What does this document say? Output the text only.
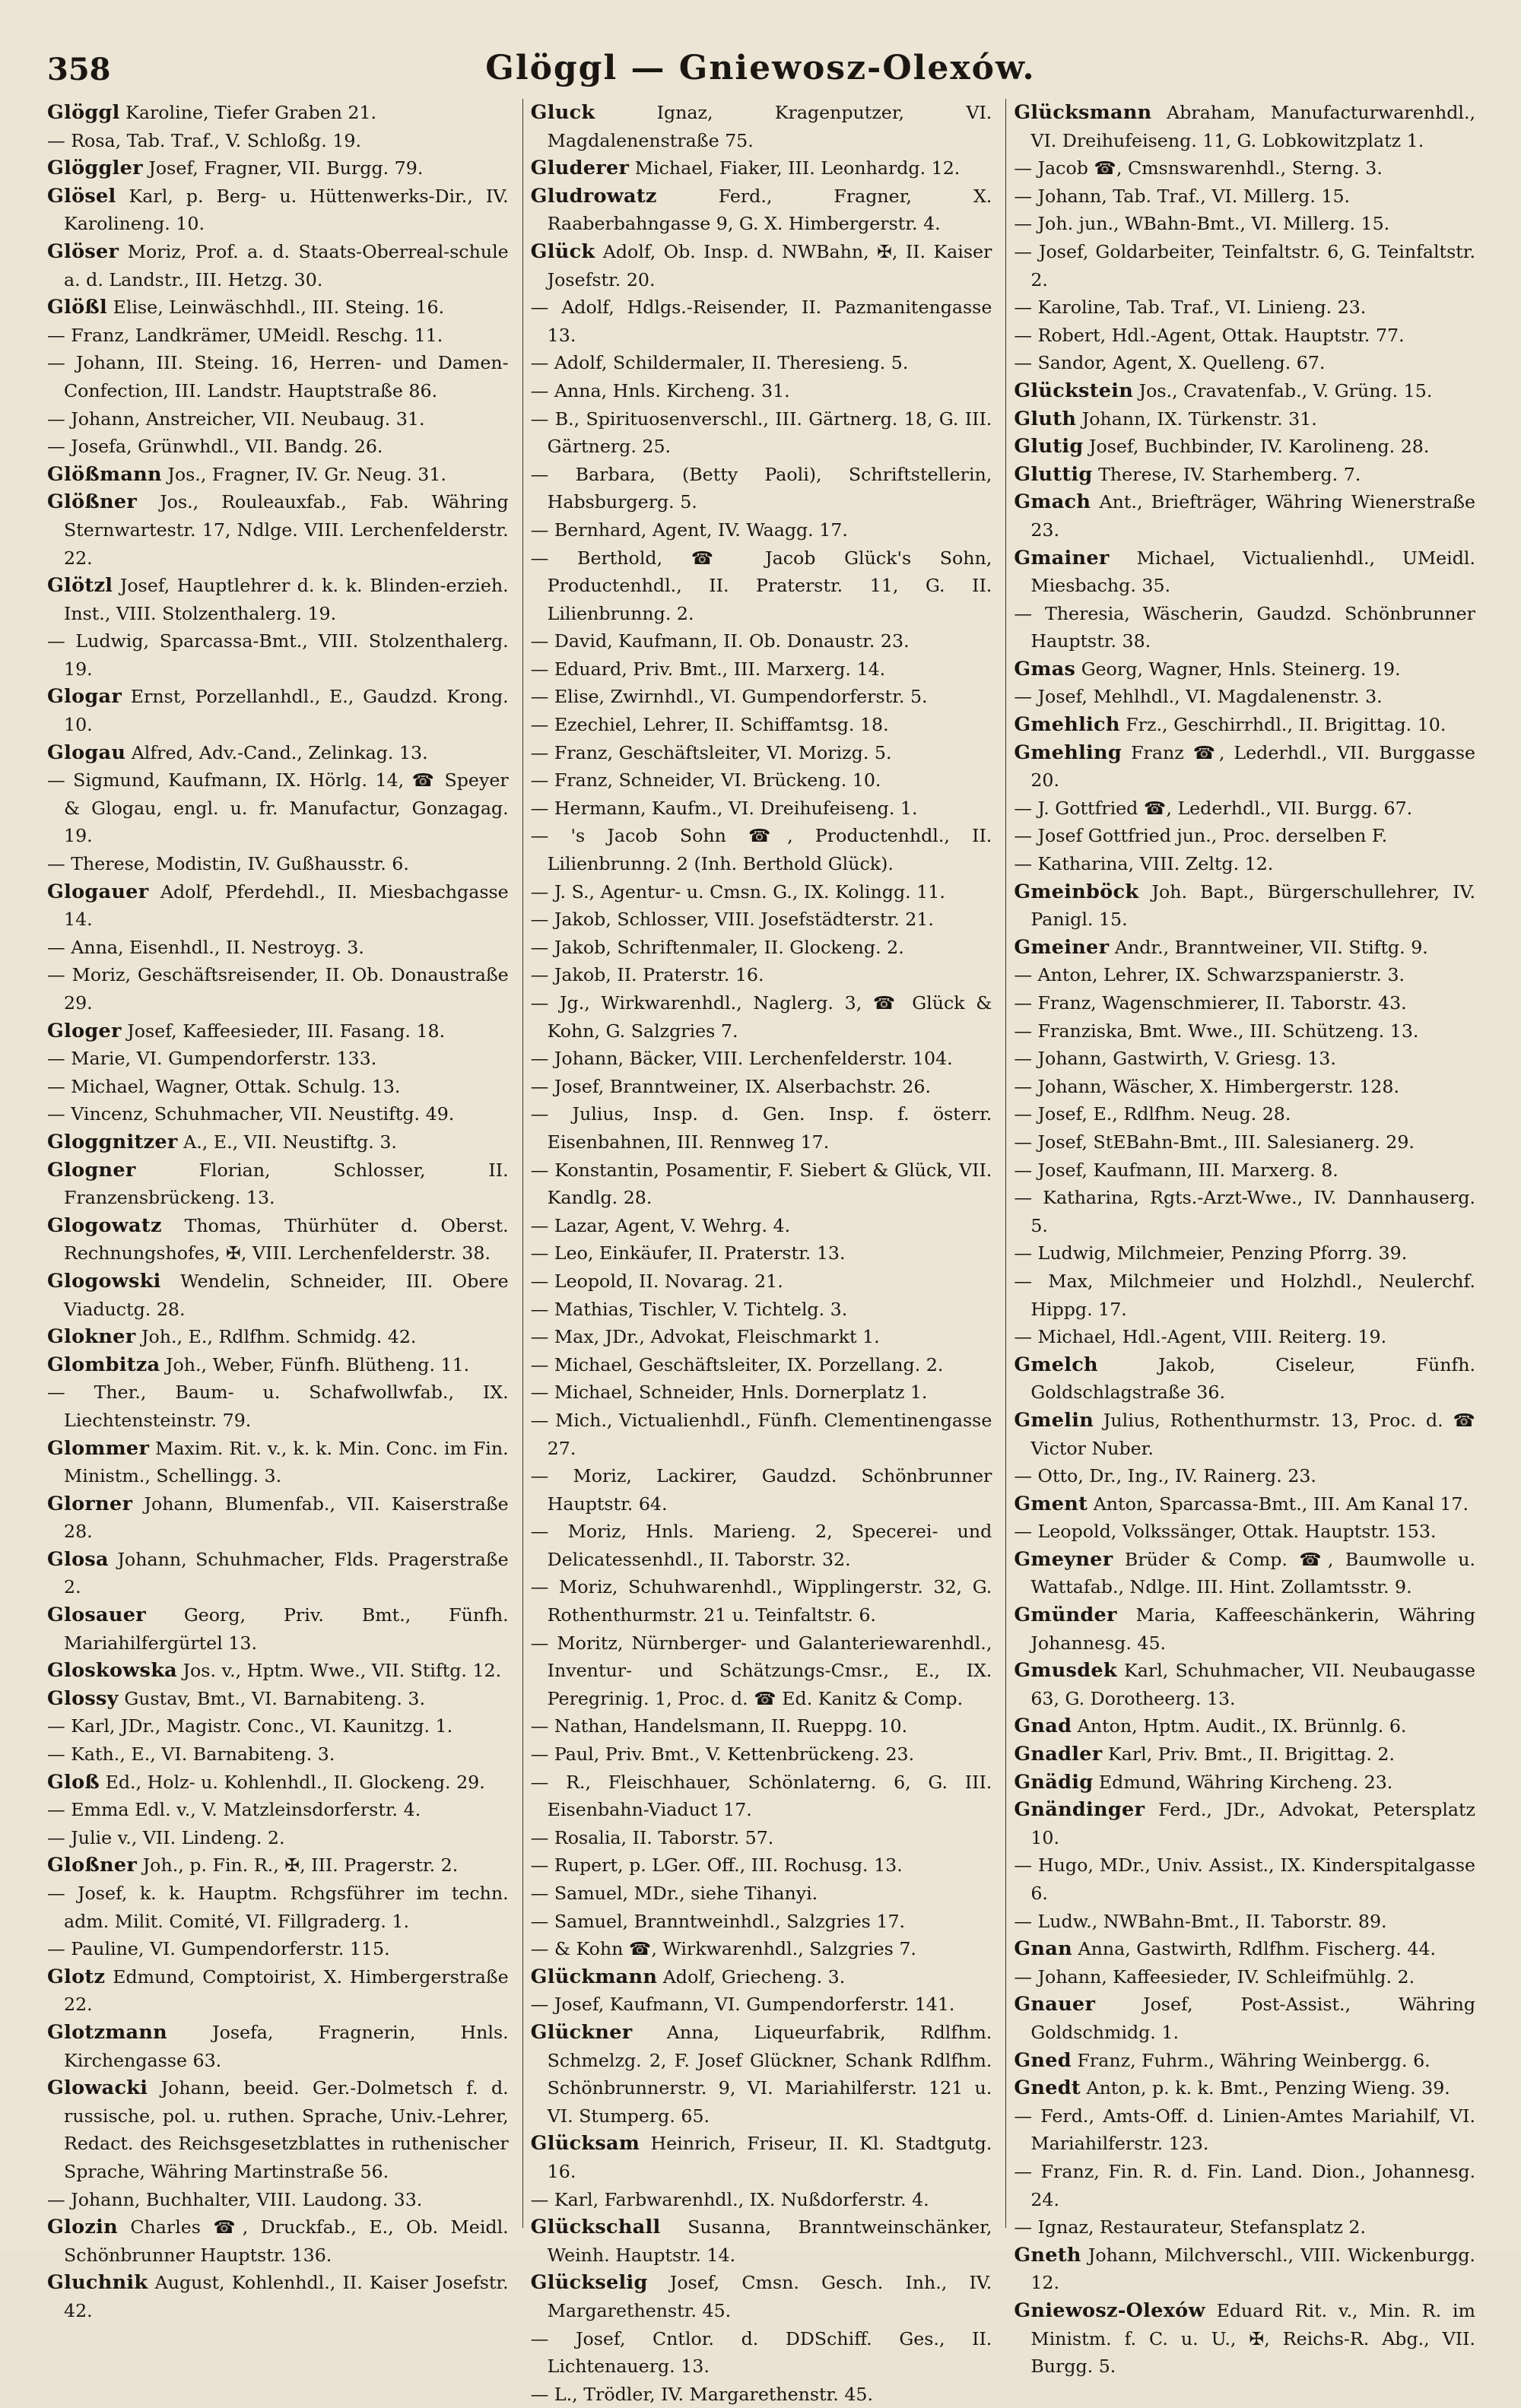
358	Glöggl — Gniewosz-Olexów.

Glöggl Karoline, Tiefer Graben 21.

— Rosa, Tab. Traf., V. Schloßg. 19.

Glöggler Josef, Fragner, VII. Burgg. 79.

Glösel Karl, p. Berg- u. Hüttenwerks-Dir., IV. Karolineng. 10.

Glöser Moriz, Prof. a. d. Staats-Oberreal-schule a. d. Landstr., III. Hetzg. 30.

Glößl Elise, Leinwäschhdl., III. Steing. 16.

— Franz, Landkrämer, UMeidl. Reschg. 11.

— Johann, III. Steing. 16, Herren- und Damen-Confection, III. Landstr. Hauptstraße 86.

— Johann, Anstreicher, VII. Neubaug. 31.

— Josefa, Grünwhdl., VII. Bandg. 26.

Glößmann Jos., Fragner, IV. Gr. Neug. 31.

Glößner Jos., Rouleauxfab., Fab. Währing Sternwartestr. 17, Ndlge. VIII. Lerchenfelderstr. 22.

Glötzl Josef, Hauptlehrer d. k. k. Blinden-erzieh. Inst., VIII. Stolzenthalerg. 19.

— Ludwig, Sparcassa-Bmt., VIII. Stolzenthalerg. 19.

Glogar Ernst, Porzellanhdl., E., Gaudzd. Krong. 10.

Glogau Alfred, Adv.-Cand., Zelinkag. 13.

— Sigmund, Kaufmann, IX. Hörlg. 14, ☎ Speyer & Glogau, engl. u. fr. Manufactur, Gonzagag. 19.

— Therese, Modistin, IV. Gußhausstr. 6.

Glogauer Adolf, Pferdehdl., II. Miesbachgasse 14.

— Anna, Eisenhdl., II. Nestroyg. 3.

— Moriz, Geschäftsreisender, II. Ob. Donaustraße 29.

Gloger Josef, Kaffeesieder, III. Fasang. 18.

— Marie, VI. Gumpendorferstr. 133.

— Michael, Wagner, Ottak. Schulg. 13.

— Vincenz, Schuhmacher, VII. Neustiftg. 49.

Gloggnitzer A., E., VII. Neustiftg. 3.

Glogner	Florian, Schlosser, II. Franzensbrückeng. 13.

Glogowatz Thomas, Thürhüter d. Oberst. Rechnungshofes, ✠, VIII. Lerchenfelderstr. 38.

Glogowski Wendelin, Schneider, III. Obere Viaductg. 28.

Glokner Joh., E., Rdlfhm. Schmidg. 42.

Glombitza Joh., Weber, Fünfh. Blütheng. 11.

— Ther., Baum- u. Schafwollwfab., IX. Liechtensteinstr. 79.

Glommer Maxim. Rit. v., k. k. Min. Conc. im Fin. Ministm., Schellingg. 3.

Glorner Johann, Blumenfab., VII. Kaiserstraße 28.

Glosa Johann, Schuhmacher, Flds. Pragerstraße 2.

Glosauer Georg, Priv. Bmt., Fünfh. Mariahilfergürtel 13.

Gloskowska Jos. v., Hptm. Wwe., VII. Stiftg. 12.

Glossy Gustav, Bmt., VI. Barnabiteng. 3.

— Karl, JDr., Magistr. Conc., VI. Kaunitzg. 1.

— Kath., E., VI. Barnabiteng. 3.

Gloß Ed., Holz- u. Kohlenhdl., II. Glockeng. 29.

— Emma Edl. v., V. Matzleinsdorferstr. 4.

— Julie v., VII. Lindeng. 2.

Gloßner Joh., p. Fin. R., ✠, III. Pragerstr. 2.

— Josef, k. k. Hauptm. Rchgsführer im techn. adm. Milit. Comité, VI. Fillgraderg. 1.

— Pauline, VI. Gumpendorferstr. 115.

Glotz Edmund, Comptoirist, X. Himbergerstraße 22.

Glotzmann Josefa, Fragnerin, Hnls. Kirchengasse 63.

Glowacki Johann, beeid. Ger.-Dolmetsch f. d. russische, pol. u. ruthen. Sprache, Univ.-Lehrer, Redact. des Reichsgesetzblattes in ruthenischer Sprache, Währing Martinstraße 56.

— Johann, Buchhalter, VIII. Laudong. 33.

Glozin Charles ☎, Druckfab., E., Ob. Meidl. Schönbrunner Hauptstr. 136.

Gluchnik August, Kohlenhdl., II. Kaiser Josefstr. 42.

Gluck	Ignaz, Kragenputzer, VI. Magdalenenstraße 75.

Gluderer Michael, Fiaker, III. Leonhardg. 12.

Gludrowatz	Ferd., Fragner, X. Raaberbahngasse 9, G. X. Himbergerstr. 4.

Glück Adolf, Ob. Insp. d. NWBahn, ✠, II. Kaiser Josefstr. 20.

— Adolf, Hdlgs.-Reisender, II. Pazmanitengasse 13.

— Adolf, Schildermaler, II. Theresieng. 5.

— Anna, Hnls. Kircheng. 31.

— B., Spirituosenverschl., III. Gärtnerg. 18, G. III. Gärtnerg. 25.

— Barbara, (Betty Paoli), Schriftstellerin, Habsburgerg. 5.

— Bernhard, Agent, IV. Waagg. 17.

— Berthold, ☎ Jacob Glück's Sohn, Productenhdl., II. Praterstr. 11, G. II. Lilienbrunng. 2.

— David, Kaufmann, II. Ob. Donaustr. 23.

— Eduard, Priv. Bmt., III. Marxerg. 14.

— Elise, Zwirnhdl., VI. Gumpendorferstr. 5.

— Ezechiel, Lehrer, II. Schiffamtsg. 18.

— Franz, Geschäftsleiter, VI. Morizg. 5.

— Franz, Schneider, VI. Brückeng. 10.

— Hermann, Kaufm., VI. Dreihufeiseng. 1.

— 's Jacob Sohn ☎, Productenhdl., II. Lilienbrunng. 2 (Inh. Berthold Glück).

— J. S., Agentur- u. Cmsn. G., IX. Kolingg. 11.

— Jakob, Schlosser, VIII. Josefstädterstr. 21.

— Jakob, Schriftenmaler, II. Glockeng. 2.

— Jakob, II. Praterstr. 16.

— Jg., Wirkwarenhdl., Naglerg. 3, ☎ Glück & Kohn, G. Salzgries 7.

— Johann, Bäcker, VIII. Lerchenfelderstr. 104.

— Josef, Branntweiner, IX. Alserbachstr. 26.

— Julius, Insp. d. Gen. Insp. f. österr. Eisenbahnen, III. Rennweg 17.

— Konstantin, Posamentir, F. Siebert & Glück, VII. Kandlg. 28.

— Lazar, Agent, V. Wehrg. 4.

— Leo, Einkäufer, II. Praterstr. 13.

— Leopold, II. Novarag. 21.

— Mathias, Tischler, V. Tichtelg. 3.

— Max, JDr., Advokat, Fleischmarkt 1.

— Michael, Geschäftsleiter, IX. Porzellang. 2.

— Michael, Schneider, Hnls. Dornerplatz 1.

— Mich., Victualienhdl., Fünfh. Clementinengasse 27.

— Moriz, Lackirer, Gaudzd. Schönbrunner Hauptstr. 64.

— Moriz, Hnls. Marieng. 2, Specerei- und Delicatessenhdl., II. Taborstr. 32.

— Moriz, Schuhwarenhdl., Wipplingerstr. 32, G. Rothenthurmstr. 21 u. Teinfaltstr. 6.

— Moritz, Nürnberger- und Galanteriewarenhdl., Inventur- und Schätzungs-Cmsr., E., IX. Peregrinig. 1, Proc. d. ☎ Ed. Kanitz & Comp.

— Nathan, Handelsmann, II. Rueppg. 10.

— Paul, Priv. Bmt., V. Kettenbrückeng. 23.

— R., Fleischhauer, Schönlaterng. 6, G. III. Eisenbahn-Viaduct 17.

— Rosalia, II. Taborstr. 57.

— Rupert, p. LGer. Off., III. Rochusg. 13.

— Samuel, MDr., siehe Tihanyi.

— Samuel, Branntweinhdl., Salzgries 17.

— & Kohn ☎, Wirkwarenhdl., Salzgries 7.

Glückmann Adolf, Griecheng. 3.

— Josef, Kaufmann, VI. Gumpendorferstr. 141.

Glückner Anna, Liqueurfabrik, Rdlfhm. Schmelzg. 2, F. Josef Glückner, Schank Rdlfhm. Schönbrunnerstr. 9, VI. Mariahilferstr. 121 u. VI. Stumperg. 65.

Glücksam Heinrich, Friseur, II. Kl. Stadtgutg. 16.

— Karl, Farbwarenhdl., IX. Nußdorferstr. 4.

Glückschall Susanna, Branntweinschänker, Weinh. Hauptstr. 14.

Glückselig Josef, Cmsn. Gesch. Inh., IV. Margarethenstr. 45.

— Josef, Cntlor. d. DDSchiff. Ges., II. Lichtenauerg. 13.

— L., Trödler, IV. Margarethenstr. 45.

Glücksmann Abraham, Manufacturwarenhdl., VI. Dreihufeiseng. 11, G. Lobkowitzplatz 1.

— Jacob ☎, Cmsnswarenhdl., Sterng. 3.

— Johann, Tab. Traf., VI. Millerg. 15.

— Joh. jun., WBahn-Bmt., VI. Millerg. 15.

— Josef, Goldarbeiter, Teinfaltstr. 6, G. Teinfaltstr. 2.

— Karoline, Tab. Traf., VI. Linieng. 23.

— Robert, Hdl.-Agent, Ottak. Hauptstr. 77.

— Sandor, Agent, X. Quelleng. 67.

Glückstein Jos., Cravatenfab., V. Grüng. 15.

Gluth Johann, IX. Türkenstr. 31.

Glutig Josef, Buchbinder, IV. Karolineng. 28.

Gluttig Therese, IV. Starhemberg. 7.

Gmach Ant., Briefträger, Währing Wienerstraße 23.

Gmainer Michael, Victualienhdl., UMeidl. Miesbachg. 35.

— Theresia, Wäscherin, Gaudzd. Schönbrunner Hauptstr. 38.

Gmas Georg, Wagner, Hnls. Steinerg. 19.

— Josef, Mehlhdl., VI. Magdalenenstr. 3.

Gmehlich Frz., Geschirrhdl., II. Brigittag. 10.

Gmehling Franz ☎, Lederhdl., VII. Burggasse 20.

— J. Gottfried ☎, Lederhdl., VII. Burgg. 67.

— Josef Gottfried jun., Proc. derselben F.

— Katharina, VIII. Zeltg. 12.

Gmeinböck Joh. Bapt., Bürgerschullehrer, IV. Panigl. 15.

Gmeiner Andr., Branntweiner, VII. Stiftg. 9.

— Anton, Lehrer, IX. Schwarzspanierstr. 3.

— Franz, Wagenschmierer, II. Taborstr. 43.

— Franziska, Bmt. Wwe., III. Schützeng. 13.

— Johann, Gastwirth, V. Griesg. 13.

— Johann, Wäscher, X. Himbergerstr. 128.

— Josef, E., Rdlfhm. Neug. 28.

— Josef, StEBahn-Bmt., III. Salesianerg. 29.

— Josef, Kaufmann, III. Marxerg. 8.

— Katharina, Rgts.-Arzt-Wwe., IV. Dannhauserg. 5.

— Ludwig, Milchmeier, Penzing Pforrg. 39.

— Max, Milchmeier und Holzhdl., Neulerchf. Hippg. 17.

— Michael, Hdl.-Agent, VIII. Reiterg. 19.

Gmelch	Jakob, Ciseleur, Fünfh. Goldschlagstraße 36.

Gmelin Julius, Rothenthurmstr. 13, Proc. d. ☎ Victor Nuber.

— Otto, Dr., Ing., IV. Rainerg. 23.

Gment Anton, Sparcassa-Bmt., III. Am Kanal 17.

— Leopold, Volkssänger, Ottak. Hauptstr. 153.

Gmeyner Brüder & Comp. ☎, Baumwolle u. Wattafab., Ndlge. III. Hint. Zollamtsstr. 9.

Gmünder Maria, Kaffeeschänkerin, Währing Johannesg. 45.

Gmusdek Karl, Schuhmacher, VII. Neubaugasse 63, G. Dorotheerg. 13.

Gnad Anton, Hptm. Audit., IX. Brünnlg. 6.

Gnadler Karl, Priv. Bmt., II. Brigittag. 2.

Gnädig Edmund, Währing Kircheng. 23.

Gnändinger Ferd., JDr., Advokat, Petersplatz 10.

— Hugo, MDr., Univ. Assist., IX. Kinderspitalgasse 6.

— Ludw., NWBahn-Bmt., II. Taborstr. 89.

Gnan Anna, Gastwirth, Rdlfhm. Fischerg. 44.

— Johann, Kaffeesieder, IV. Schleifmühlg. 2.

Gnauer	Josef, Post-Assist., Währing Goldschmidg. 1.

Gned Franz, Fuhrm., Währing Weinbergg. 6.

Gnedt Anton, p. k. k. Bmt., Penzing Wieng. 39.

— Ferd., Amts-Off. d. Linien-Amtes Mariahilf, VI. Mariahilferstr. 123.

— Franz, Fin. R. d. Fin. Land. Dion., Johannesg. 24.

— Ignaz, Restaurateur, Stefansplatz 2.

Gneth Johann, Milchverschl., VIII. Wickenburgg. 12.

Gniewosz-Olexów Eduard Rit. v., Min. R. im Ministm. f. C. u. U., ✠, Reichs-R. Abg., VII. Burgg. 5.
